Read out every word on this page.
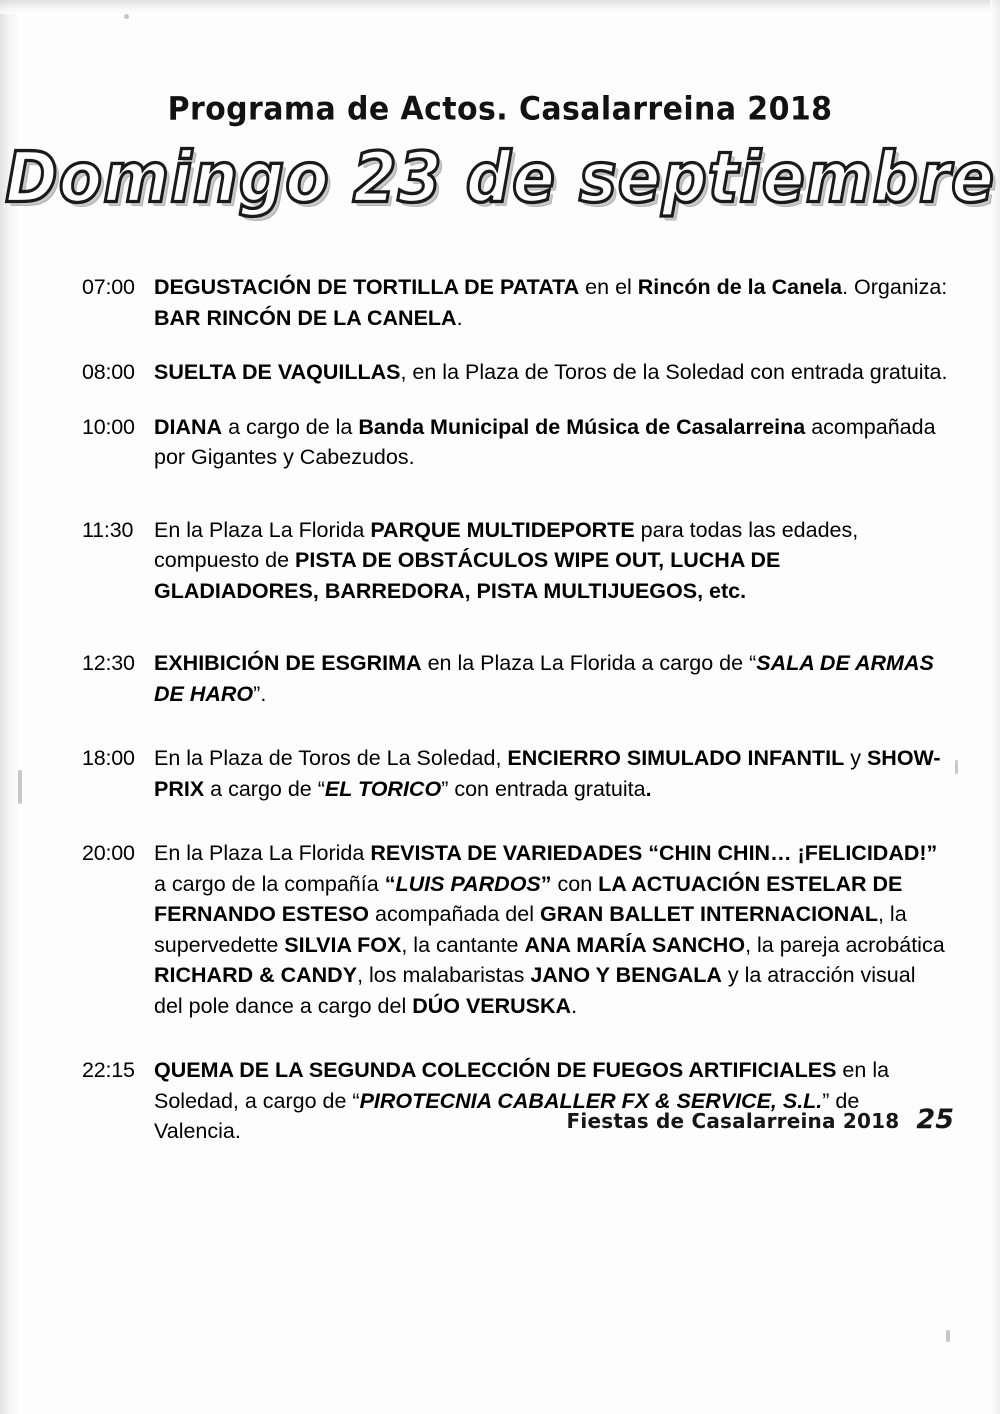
Programa de Actos. Casalarreina 2018
Domingo 23 de septiembre
07:00 DEGUSTACIÓN DE TORTILLA DE PATATA en el Rincón de la Canela. Organiza: BAR RINCÓN DE LA CANELA.
08:00 SUELTA DE VAQUILLAS, en la Plaza de Toros de la Soledad con entrada gratuita.
10:00 DIANA a cargo de la Banda Municipal de Música de Casalarreina acompañada por Gigantes y Cabezudos.
11:30 En la Plaza La Florida PARQUE MULTIDEPORTE para todas las edades, compuesto de PISTA DE OBSTÁCULOS WIPE OUT, LUCHA DE GLADIADORES, BARREDORA, PISTA MULTIJUEGOS, etc.
12:30 EXHIBICIÓN DE ESGRIMA en la Plaza La Florida a cargo de “SALA DE ARMAS DE HARO”.
18:00 En la Plaza de Toros de La Soledad, ENCIERRO SIMULADO INFANTIL y SHOW-PRIX a cargo de “EL TORICO” con entrada gratuita.
20:00 En la Plaza La Florida REVISTA DE VARIEDADES “CHIN CHIN… ¡FELICIDAD!” a cargo de la compañía “LUIS PARDOS” con LA ACTUACIÓN ESTELAR DE FERNANDO ESTESO acompañada del GRAN BALLET INTERNACIONAL, la supervedette SILVIA FOX, la cantante ANA MARÍA SANCHO, la pareja acrobática RICHARD & CANDY, los malabaristas JANO Y BENGALA y la atracción visual del pole dance a cargo del DÚO VERUSKA.
22:15 QUEMA DE LA SEGUNDA COLECCIÓN DE FUEGOS ARTIFICIALES en la Soledad, a cargo de “PIROTECNIA CABALLER FX & SERVICE, S.L.” de Valencia.	Fiestas de Casalarreina 2018 25
